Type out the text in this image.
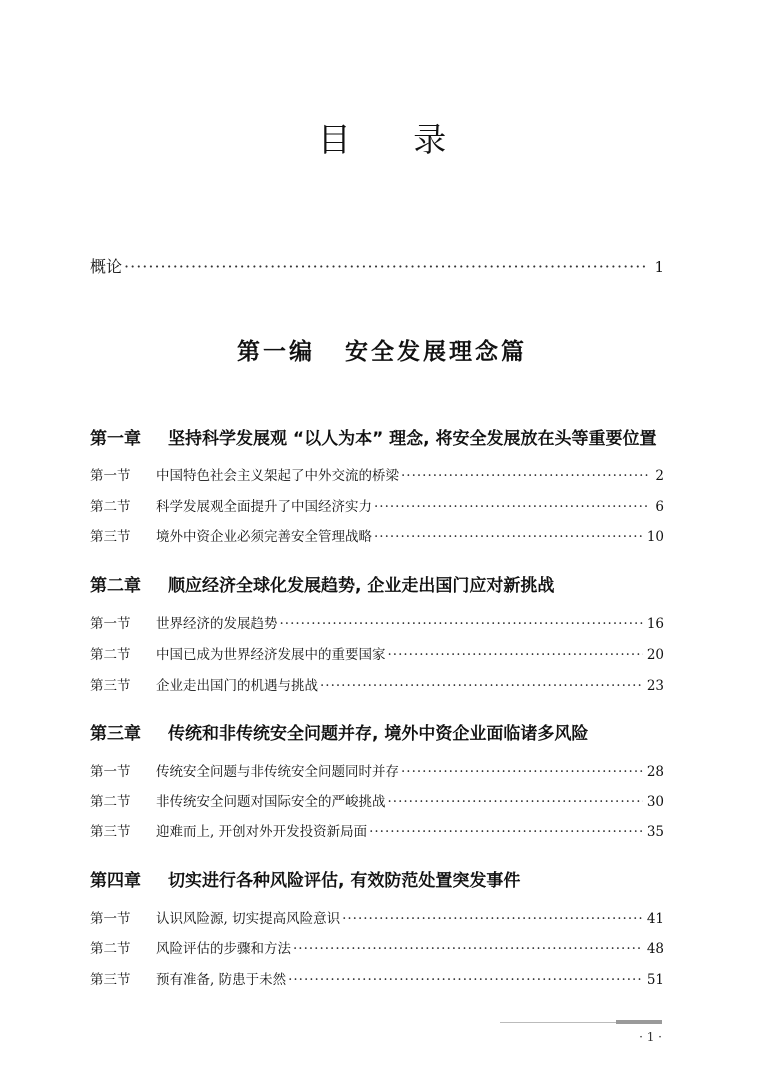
目 录
概论 ·····	1
第一编 安全发展理念篇
第一章 坚持科学发展观 “以人为本” 理念, 将安全发展放在头等重要位置
第一节 中国特色社会主义架起了中外交流的桥梁 ·····	2
第二节 科学发展观全面提升了中国经济实力 ·····	6
第三节 境外中资企业必须完善安全管理战略 ·····	10
第二章 顺应经济全球化发展趋势, 企业走出国门应对新挑战
第一节 世界经济的发展趋势 ·····	16
第二节 中国已成为世界经济发展中的重要国家 ·····	20
第三节 企业走出国门的机遇与挑战 ·····	23
第三章 传统和非传统安全问题并存, 境外中资企业面临诸多风险
第一节 传统安全问题与非传统安全问题同时并存 ·····	28
第二节 非传统安全问题对国际安全的严峻挑战 ·····	30
第三节 迎难而上, 开创对外开发投资新局面 ·····	35
第四章 切实进行各种风险评估, 有效防范处置突发事件
第一节 认识风险源, 切实提高风险意识 ·····	41
第二节 风险评估的步骤和方法 ·····	48
第三节 预有准备, 防患于未然 ·····	51
· 1 ·
